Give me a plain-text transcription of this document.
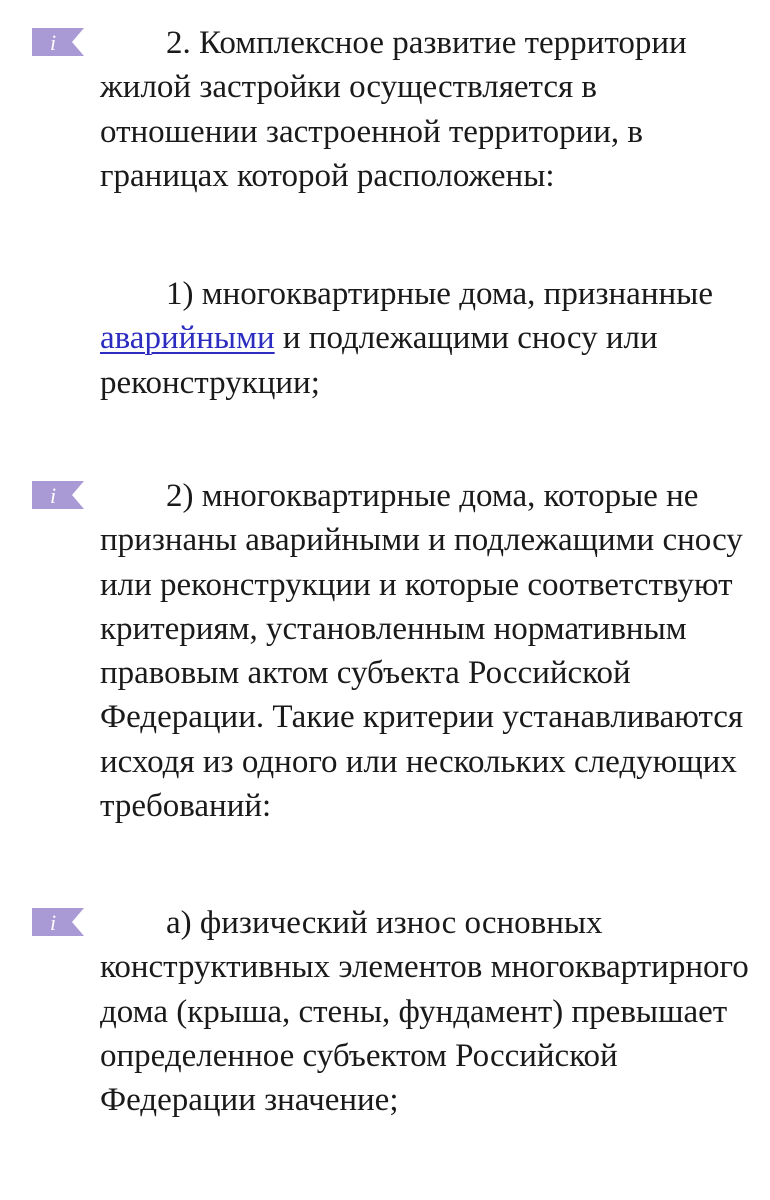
i	2. Комплексное развитие территории жилой застройки осуществляется в отношении застроенной территории, в границах которой расположены:

1) многоквартирные дома, признанные аварийными и подлежащими сносу или реконструкции;

i	2) многоквартирные дома, которые не признаны аварийными и подлежащими сносу или реконструкции и которые соответствуют критериям, установленным нормативным правовым актом субъекта Российской Федерации. Такие критерии устанавливаются исходя из одного или нескольких следующих требований:

i	а) физический износ основных конструктивных элементов многоквартирного дома (крыша, стены, фундамент) превышает определенное субъектом Российской Федерации значение;
